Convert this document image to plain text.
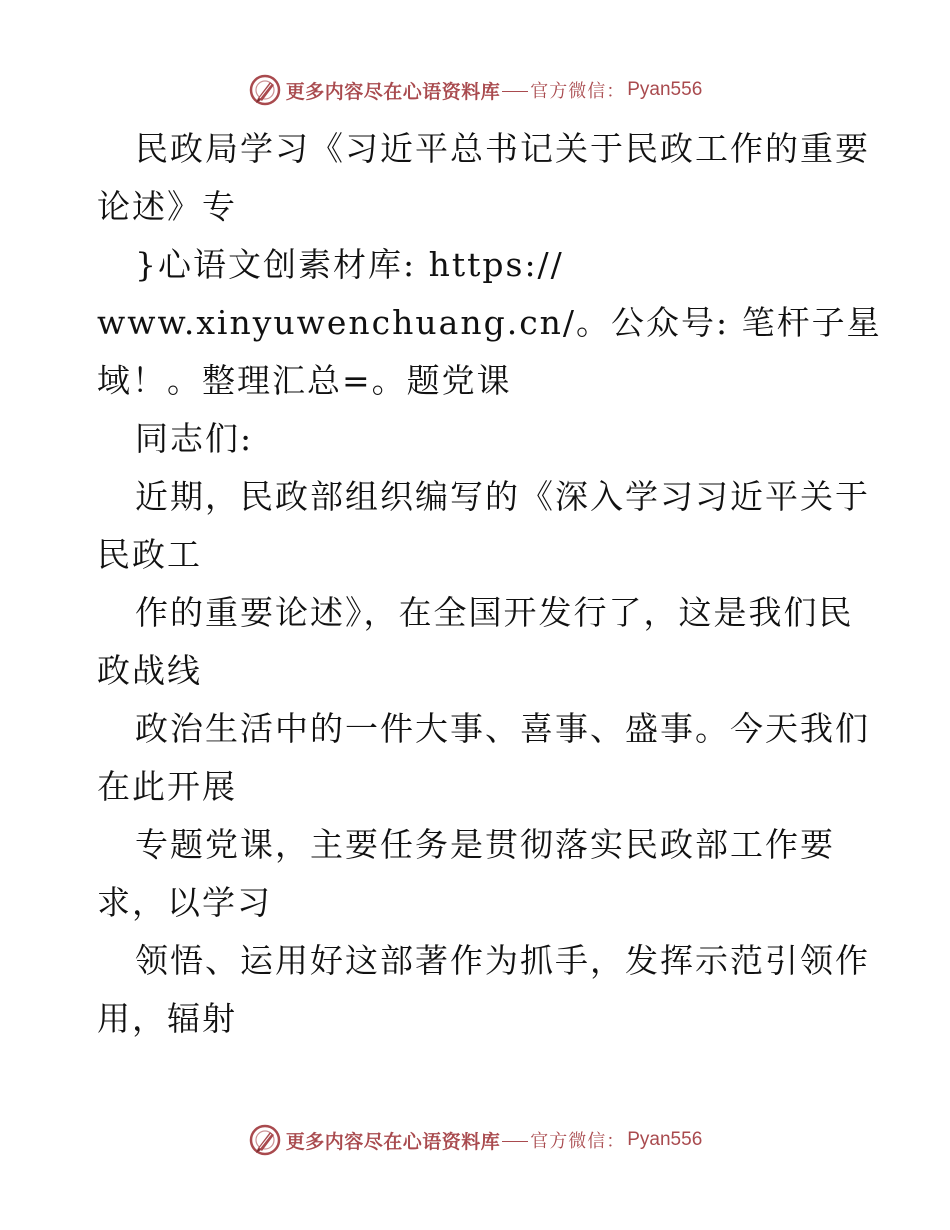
更多内容尽在心语资料库 官方微信： Pyan556
民政局学习《习近平总书记关于民政工作的重要
论述》专
}心语文创素材库: https://
www.xinyuwenchuang.cn/。公众号: 笔杆子星
域！。整理汇总=。题党课
同志们:
近期，民政部组织编写的《深入学习习近平关于
民政工
作的重要论述》，在全国开发行了，这是我们民
政战线
政治生活中的一件大事、喜事、盛事。今天我们
在此开展
专题党课，主要任务是贯彻落实民政部工作要
求，以学习
领悟、运用好这部著作为抓手，发挥示范引领作
用，辐射
更多内容尽在心语资料库 官方微信： Pyan556
